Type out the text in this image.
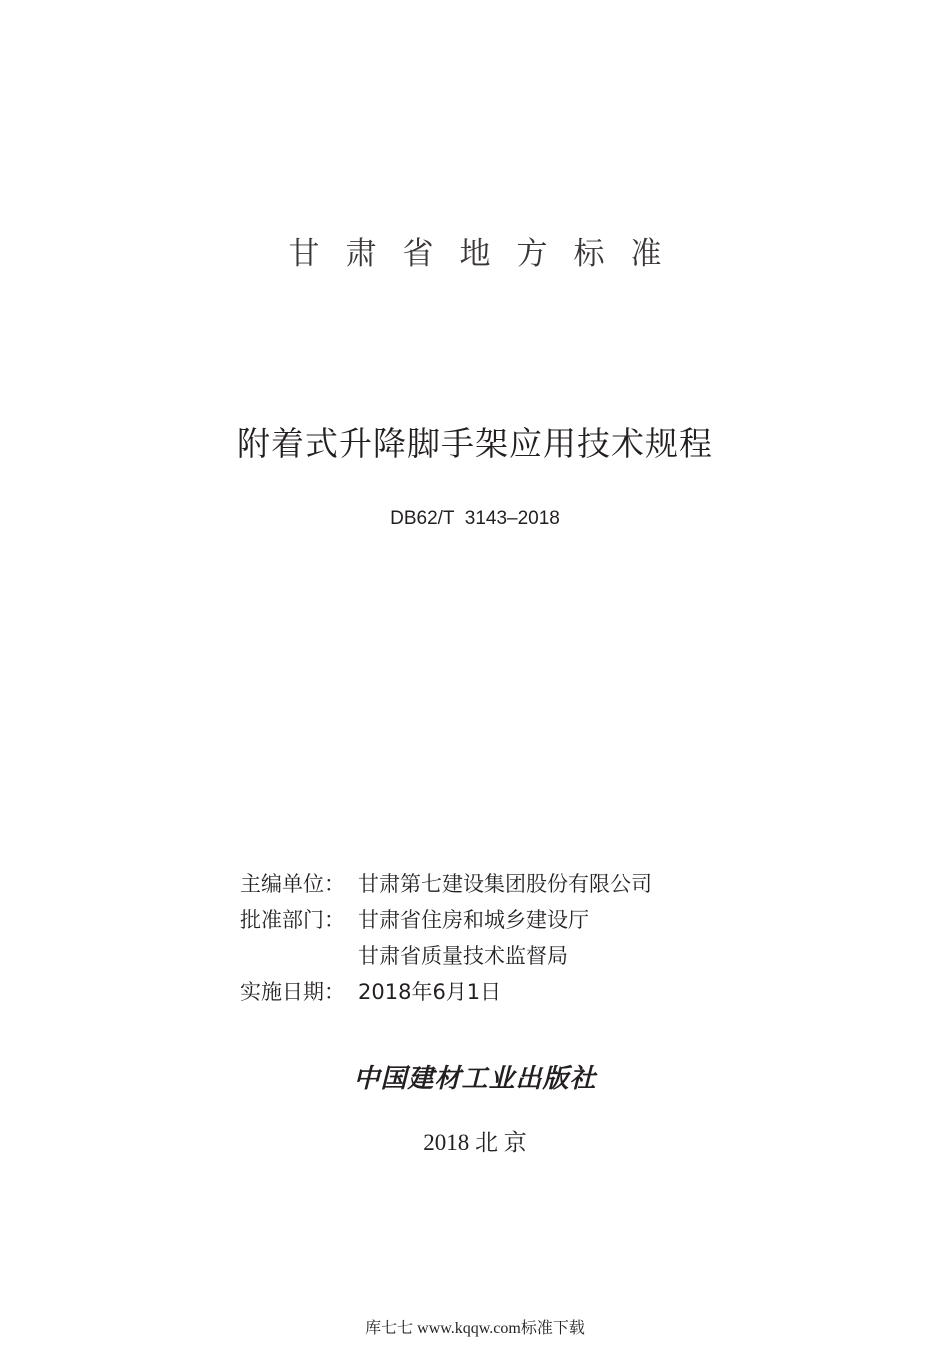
甘肃省地方标准
附着式升降脚手架应用技术规程
DB62/T  3143–2018
主编单位： 甘肃第七建设集团股份有限公司
批准部门： 甘肃省住房和城乡建设厅
甘肃省质量技术监督局
实施日期： 2018年6月1日
中国建材工业出版社
2018 北 京
库七七 www.kqqw.com标准下载
